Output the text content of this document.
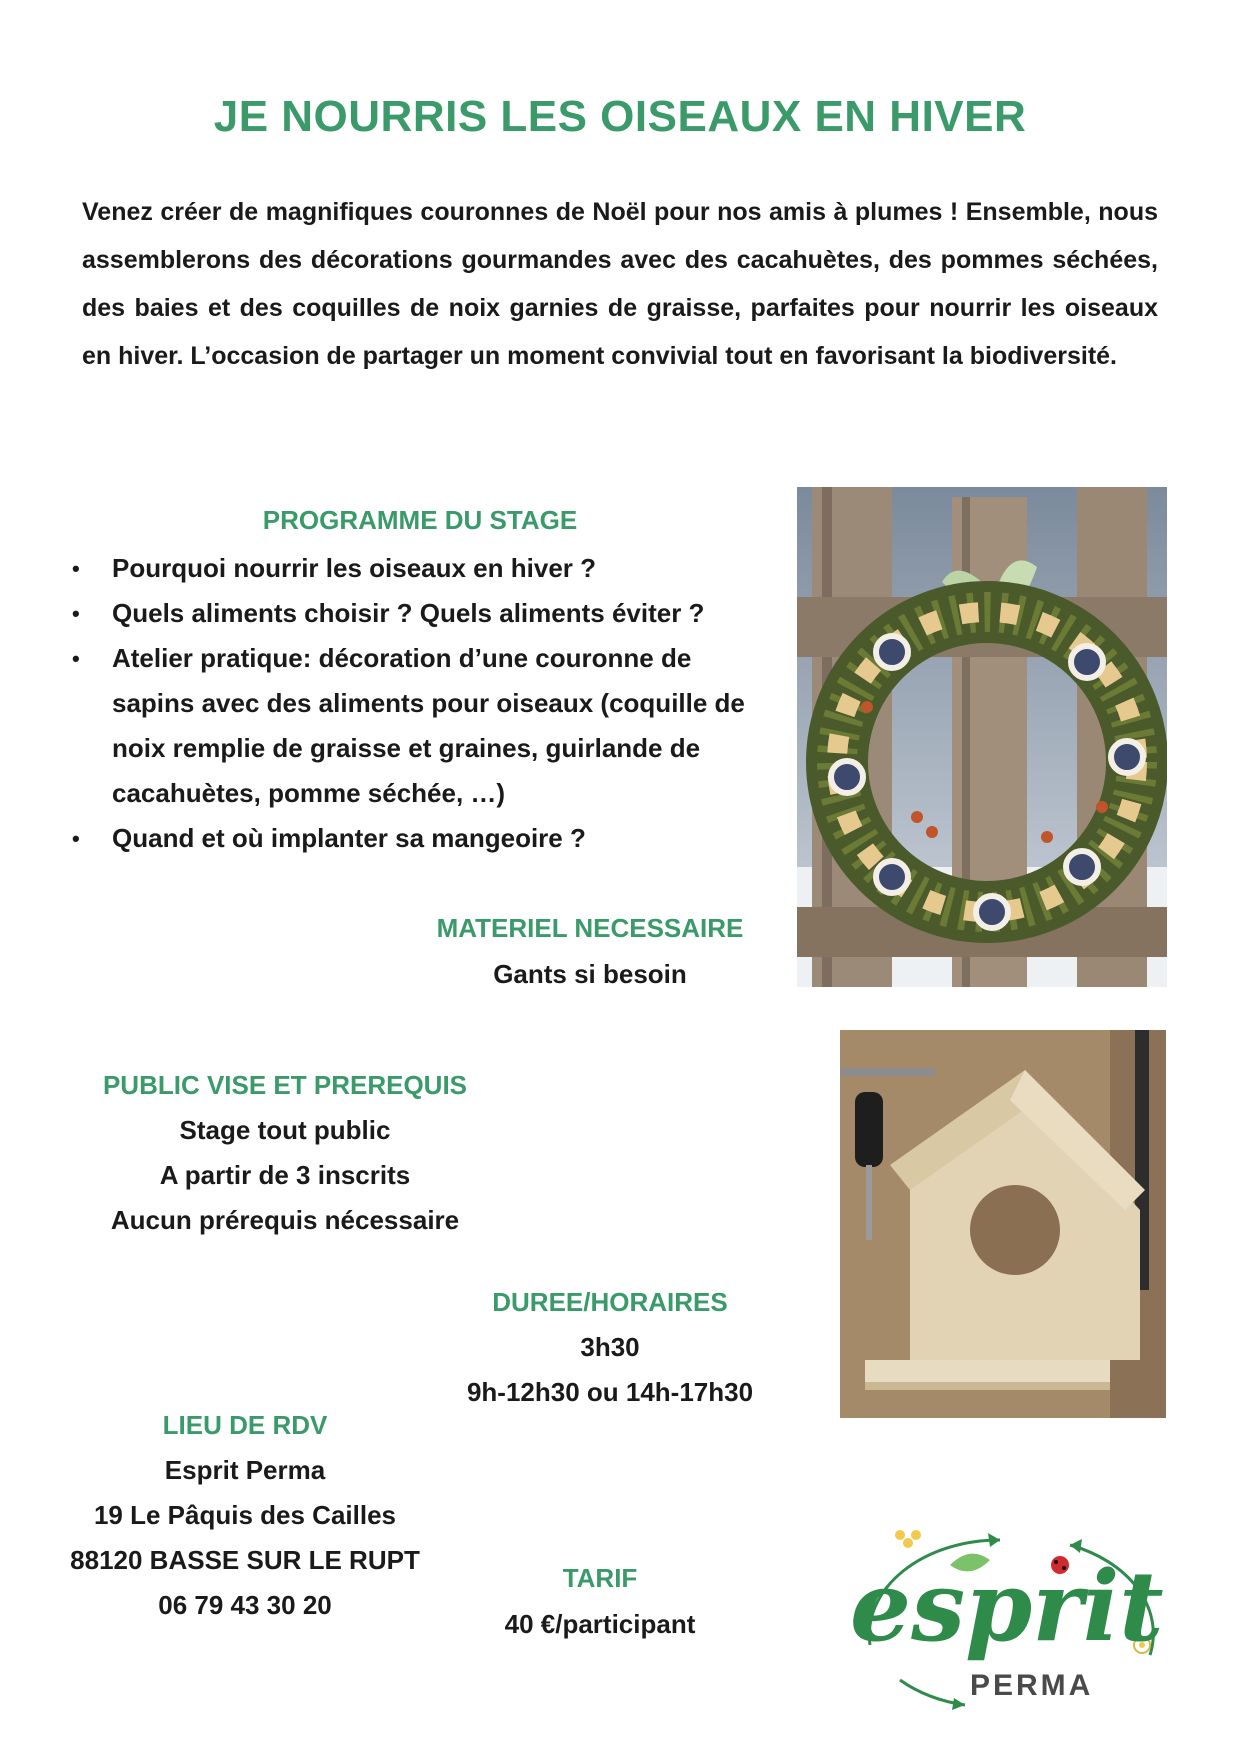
JE NOURRIS LES OISEAUX EN HIVER
Venez créer de magnifiques couronnes de Noël pour nos amis à plumes ! Ensemble, nous assemblerons des décorations gourmandes avec des cacahuètes, des pommes séchées, des baies et des coquilles de noix garnies de graisse, parfaites pour nourrir les oiseaux en hiver. L’occasion de partager un moment convivial tout en favorisant la biodiversité.
PROGRAMME DU STAGE
•	Pourquoi nourrir les oiseaux en hiver ?
•	Quels aliments choisir ? Quels aliments éviter ?
•	Atelier pratique: décoration d’une couronne de sapins avec des aliments pour oiseaux (coquille de noix remplie de graisse et graines, guirlande de cacahuètes, pomme séchée, …)
•	Quand et où implanter sa mangeoire ?
MATERIEL NECESSAIRE
Gants si besoin
PUBLIC VISE ET PREREQUIS
Stage tout public
A partir de 3 inscrits
Aucun prérequis nécessaire
DUREE/HORAIRES
3h30
9h-12h30 ou 14h-17h30
LIEU DE RDV
Esprit Perma
19 Le Pâquis des Cailles
88120 BASSE SUR LE RUPT
06 79 43 30 20
TARIF
40 €/participant	esprit
PERMA
